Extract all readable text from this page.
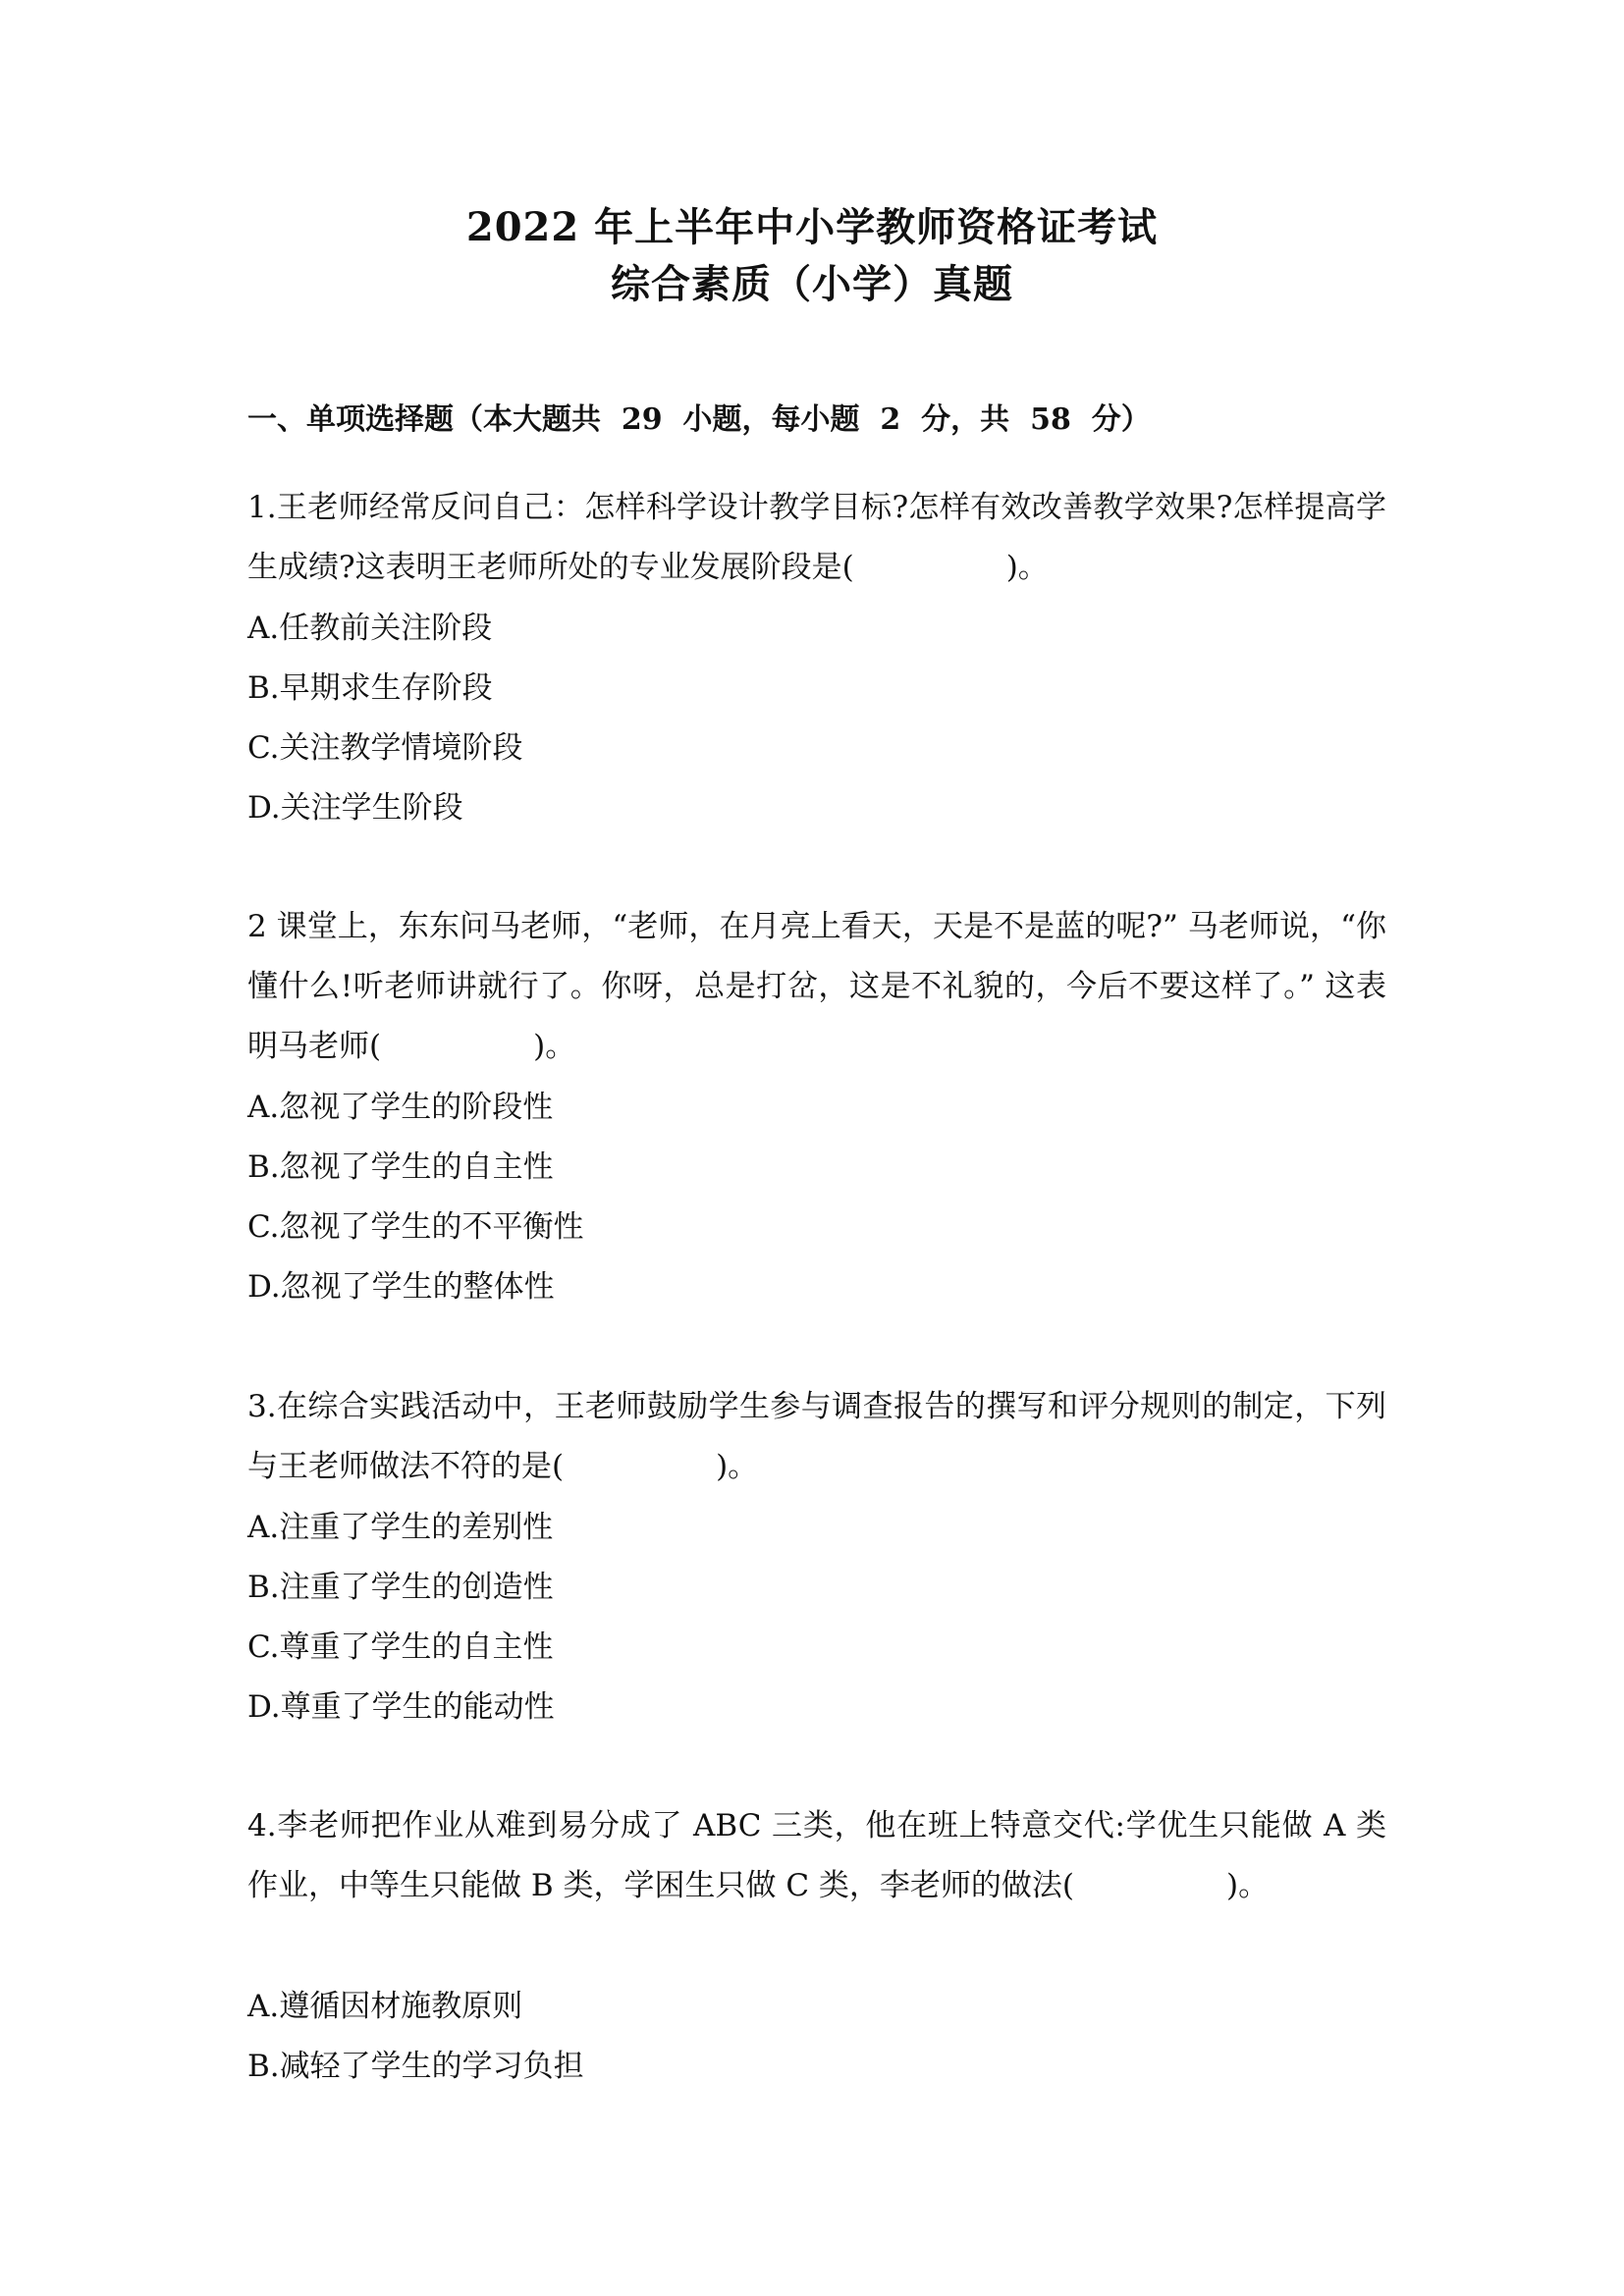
2022 年上半年中小学教师资格证考试
综合素质（小学）真题
一、单项选择题（本大题共  29  小题，每小题  2  分，共  58  分）
1.王老师经常反问自己：怎样科学设计教学目标?怎样有效改善教学效果?怎样提高学生成绩?这表明王老师所处的专业发展阶段是(　　　　　)。
A.任教前关注阶段
B.早期求生存阶段
C.关注教学情境阶段
D.关注学生阶段
2 课堂上，东东问马老师，“老师，在月亮上看天，天是不是蓝的呢?” 马老师说，“你懂什么!听老师讲就行了。你呀，总是打岔，这是不礼貌的，今后不要这样了。” 这表明马老师(　　　　　)。
A.忽视了学生的阶段性
B.忽视了学生的自主性
C.忽视了学生的不平衡性
D.忽视了学生的整体性
3.在综合实践活动中，王老师鼓励学生参与调查报告的撰写和评分规则的制定，下列与王老师做法不符的是(　　　　　)。
A.注重了学生的差别性
B.注重了学生的创造性
C.尊重了学生的自主性
D.尊重了学生的能动性
4.李老师把作业从难到易分成了 ABC 三类，他在班上特意交代:学优生只能做 A 类作业，中等生只能做 B 类，学困生只做 C 类，李老师的做法(　　　　　)。
A.遵循因材施教原则
B.减轻了学生的学习负担
